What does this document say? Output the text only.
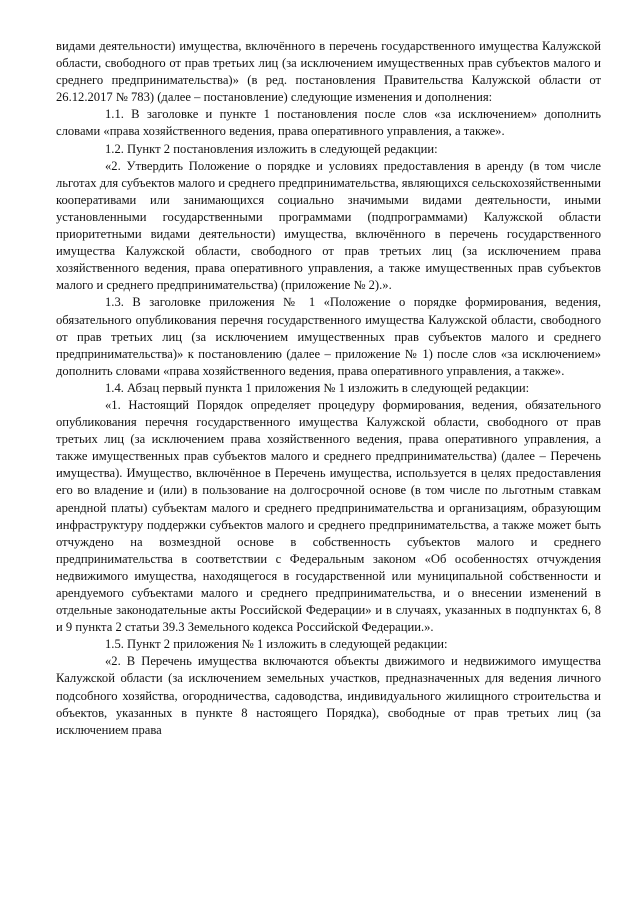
видами деятельности) имущества, включённого в перечень государственного имущества Калужской области, свободного от прав третьих лиц (за исключением имущественных прав субъектов малого и среднего предпринимательства)» (в ред. постановления Правительства Калужской области от 26.12.2017 № 783) (далее – постановление) следующие изменения и дополнения:

1.1. В заголовке и пункте 1 постановления после слов «за исключением» дополнить словами «права хозяйственного ведения, права оперативного управления, а также».

1.2. Пункт 2 постановления изложить в следующей редакции:

«2. Утвердить Положение о порядке и условиях предоставления в аренду (в том числе льготах для субъектов малого и среднего предпринимательства, являющихся сельскохозяйственными кооперативами или занимающихся социально значимыми видами деятельности, иными установленными государственными программами (подпрограммами) Калужской области приоритетными видами деятельности) имущества, включённого в перечень государственного имущества Калужской области, свободного от прав третьих лиц (за исключением права хозяйственного ведения, права оперативного управления, а также имущественных прав субъектов малого и среднего предпринимательства) (приложение № 2).».

1.3. В заголовке приложения № 1 «Положение о порядке формирования, ведения, обязательного опубликования перечня государственного имущества Калужской области, свободного от прав третьих лиц (за исключением имущественных прав субъектов малого и среднего предпринимательства)» к постановлению (далее – приложение № 1) после слов «за исключением» дополнить словами «права хозяйственного ведения, права оперативного управления, а также».

1.4. Абзац первый пункта 1 приложения № 1 изложить в следующей редакции:

«1. Настоящий Порядок определяет процедуру формирования, ведения, обязательного опубликования перечня государственного имущества Калужской области, свободного от прав третьих лиц (за исключением права хозяйственного ведения, права оперативного управления, а также имущественных прав субъектов малого и среднего предпринимательства) (далее – Перечень имущества). Имущество, включённое в Перечень имущества, используется в целях предоставления его во владение и (или) в пользование на долгосрочной основе (в том числе по льготным ставкам арендной платы) субъектам малого и среднего предпринимательства и организациям, образующим инфраструктуру поддержки субъектов малого и среднего предпринимательства, а также может быть отчуждено на возмездной основе в собственность субъектов малого и среднего предпринимательства в соответствии с Федеральным законом «Об особенностях отчуждения недвижимого имущества, находящегося в государственной или муниципальной собственности и арендуемого субъектами малого и среднего предпринимательства, и о внесении изменений в отдельные законодательные акты Российской Федерации» и в случаях, указанных в подпунктах 6, 8 и 9 пункта 2 статьи 39.3 Земельного кодекса Российской Федерации.».

1.5. Пункт 2 приложения № 1 изложить в следующей редакции:

«2. В Перечень имущества включаются объекты движимого и недвижимого имущества Калужской области (за исключением земельных участков, предназначенных для ведения личного подсобного хозяйства, огородничества, садоводства, индивидуального жилищного строительства и объектов, указанных в пункте 8 настоящего Порядка), свободные от прав третьих лиц (за исключением права
